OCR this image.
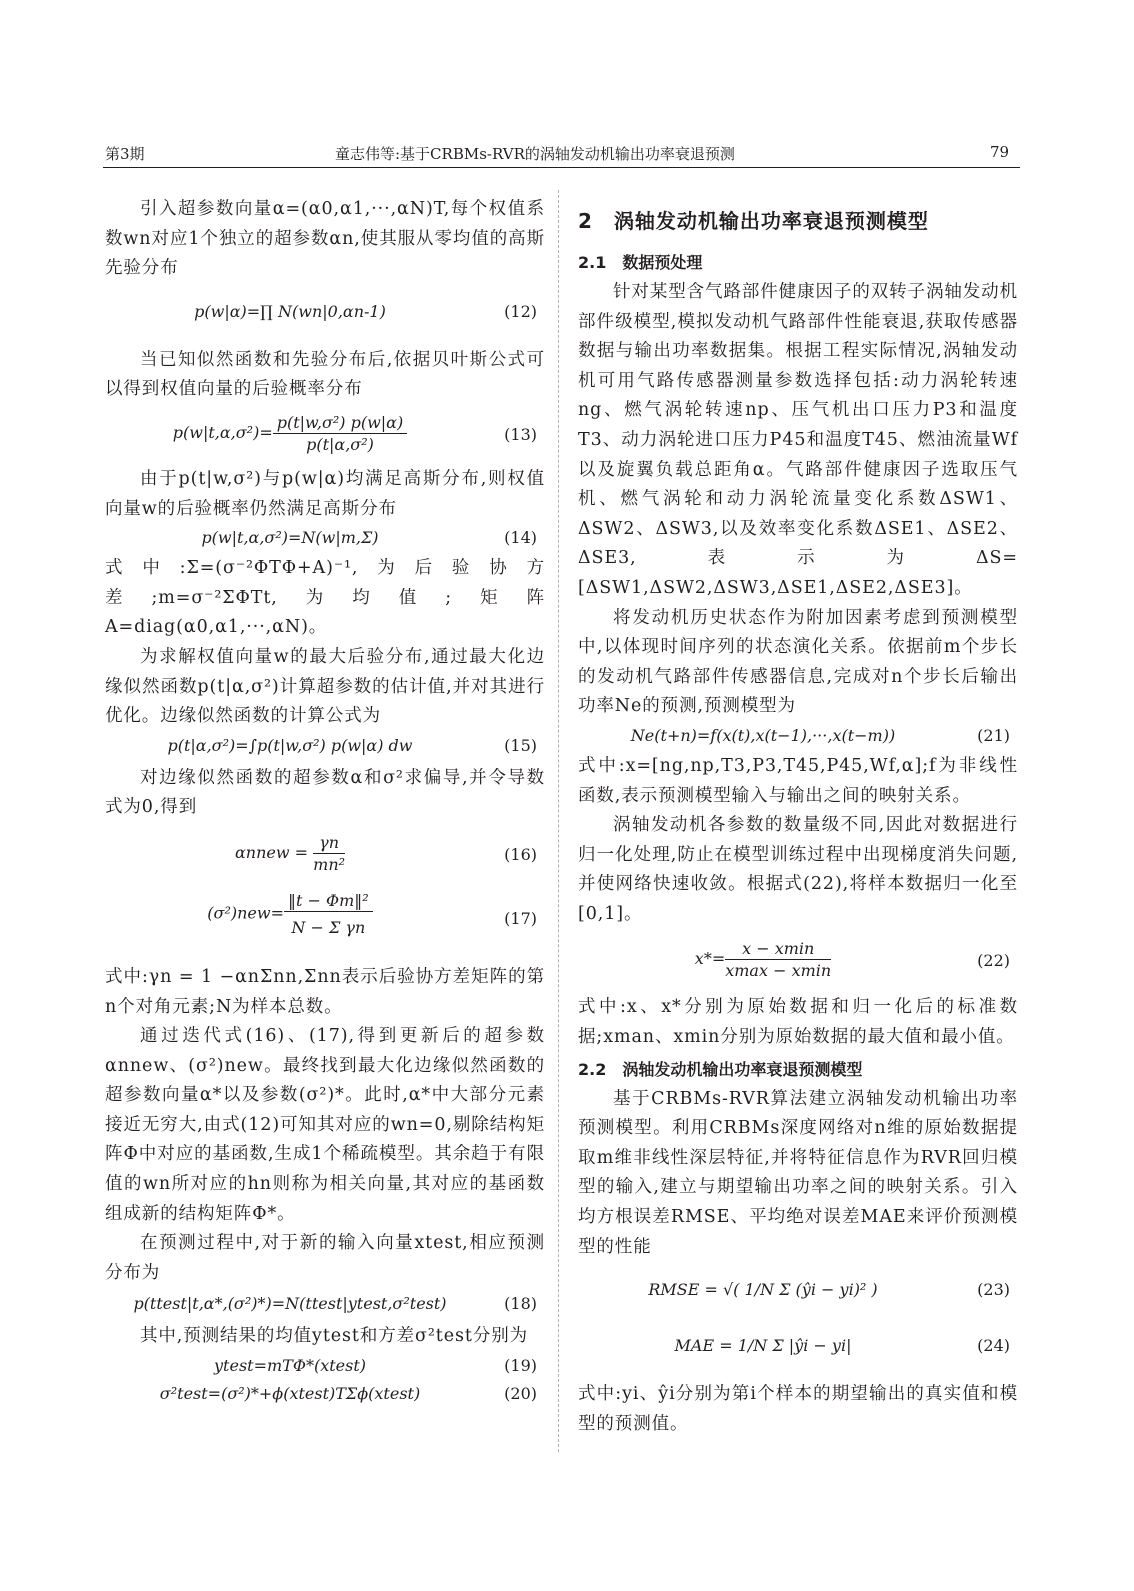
第3期	童志伟等:基于CRBMs-RVR的涡轴发动机输出功率衰退预测	79

引入超参数向量α=(α0,α1,···,αN)T,每个权值系数wn对应1个独立的超参数αn,使其服从零均值的高斯先验分布

p(w|α)=∏ N(wn|0,αn-1)	(12)

当已知似然函数和先验分布后,依据贝叶斯公式可以得到权值向量的后验概率分布

$p(w|t,\alpha,\sigma^2)= \frac{\text{p(t|w,σ²) p(w|α)}}{\text{p(t|α,σ²)}}$	(13)

由于p(t|w,σ²)与p(w|α)均满足高斯分布,则权值向量w的后验概率仍然满足高斯分布

p(w|t,α,σ²)=N(w|m,Σ)	(14)

式中:Σ=(σ⁻²ΦTΦ+A)⁻¹,为后验协方差;m=σ⁻²ΣΦTt,为均值;矩阵A=diag(α0,α1,···,αN)。

为求解权值向量w的最大后验分布,通过最大化边缘似然函数p(t|α,σ²)计算超参数的估计值,并对其进行优化。边缘似然函数的计算公式为

p(t|α,σ²)=∫p(t|w,σ²) p(w|α) dw	(15)

对边缘似然函数的超参数α和σ²求偏导,并令导数式为0,得到

αnnew = $\frac{\gamma n}{\text{mn²}}$	(16)
$(\sigma^2)new= \frac{\text{‖t − Φm‖²}}{\text{N − Σ γn}}$	(17)

式中:γn = 1 −αnΣnn,Σnn表示后验协方差矩阵的第n个对角元素;N为样本总数。

通过迭代式(16)、(17),得到更新后的超参数αnnew、(σ²)new。最终找到最大化边缘似然函数的超参数向量α*以及参数(σ²)*。此时,α*中大部分元素接近无穷大,由式(12)可知其对应的wn=0,剔除结构矩阵Φ中对应的基函数,生成1个稀疏模型。其余趋于有限值的wn所对应的hn则称为相关向量,其对应的基函数组成新的结构矩阵Φ*。

在预测过程中,对于新的输入向量xtest,相应预测分布为

p(ttest|t,α*,(σ²)*)=N(ttest|ytest,σ²test)	(18)

其中,预测结果的均值ytest和方差σ²test分别为

ytest=mTΦ*(xtest)	(19)
σ²test=(σ²)*+ϕ(xtest)TΣϕ(xtest)	(20)
2　涡轴发动机输出功率衰退预测模型
2.1　数据预处理

针对某型含气路部件健康因子的双转子涡轴发动机部件级模型,模拟发动机气路部件性能衰退,获取传感器数据与输出功率数据集。根据工程实际情况,涡轴发动机可用气路传感器测量参数选择包括:动力涡轮转速ng、燃气涡轮转速np、压气机出口压力P3和温度T3、动力涡轮进口压力P45和温度T45、燃油流量Wf以及旋翼负载总距角α。气路部件健康因子选取压气机、燃气涡轮和动力涡轮流量变化系数ΔSW1、ΔSW2、ΔSW3,以及效率变化系数ΔSE1、ΔSE2、ΔSE3,表示为ΔS=[ΔSW1,ΔSW2,ΔSW3,ΔSE1,ΔSE2,ΔSE3]。

将发动机历史状态作为附加因素考虑到预测模型中,以体现时间序列的状态演化关系。依据前m个步长的发动机气路部件传感器信息,完成对n个步长后输出功率Ne的预测,预测模型为

Ne(t+n)=f(x(t),x(t−1),···,x(t−m))	(21)

式中:x=[ng,np,T3,P3,T45,P45,Wf,α];f为非线性函数,表示预测模型输入与输出之间的映射关系。

涡轴发动机各参数的数量级不同,因此对数据进行归一化处理,防止在模型训练过程中出现梯度消失问题,并使网络快速收敛。根据式(22),将样本数据归一化至[0,1]。

$x*= \frac{x - xmin}{xmax - xmin}$	(22)

式中:x、x*分别为原始数据和归一化后的标准数据;xman、xmin分别为原始数据的最大值和最小值。

2.2　涡轴发动机输出功率衰退预测模型

基于CRBMs-RVR算法建立涡轴发动机输出功率预测模型。利用CRBMs深度网络对n维的原始数据提取m维非线性深层特征,并将特征信息作为RVR回归模型的输入,建立与期望输出功率之间的映射关系。引入均方根误差RMSE、平均绝对误差MAE来评价预测模型的性能

RMSE = √( 1/N Σ (ŷi − yi)² )	(23)
MAE = 1/N Σ |ŷi − yi|	(24)

式中:yi、ŷi分别为第i个样本的期望输出的真实值和模型的预测值。
